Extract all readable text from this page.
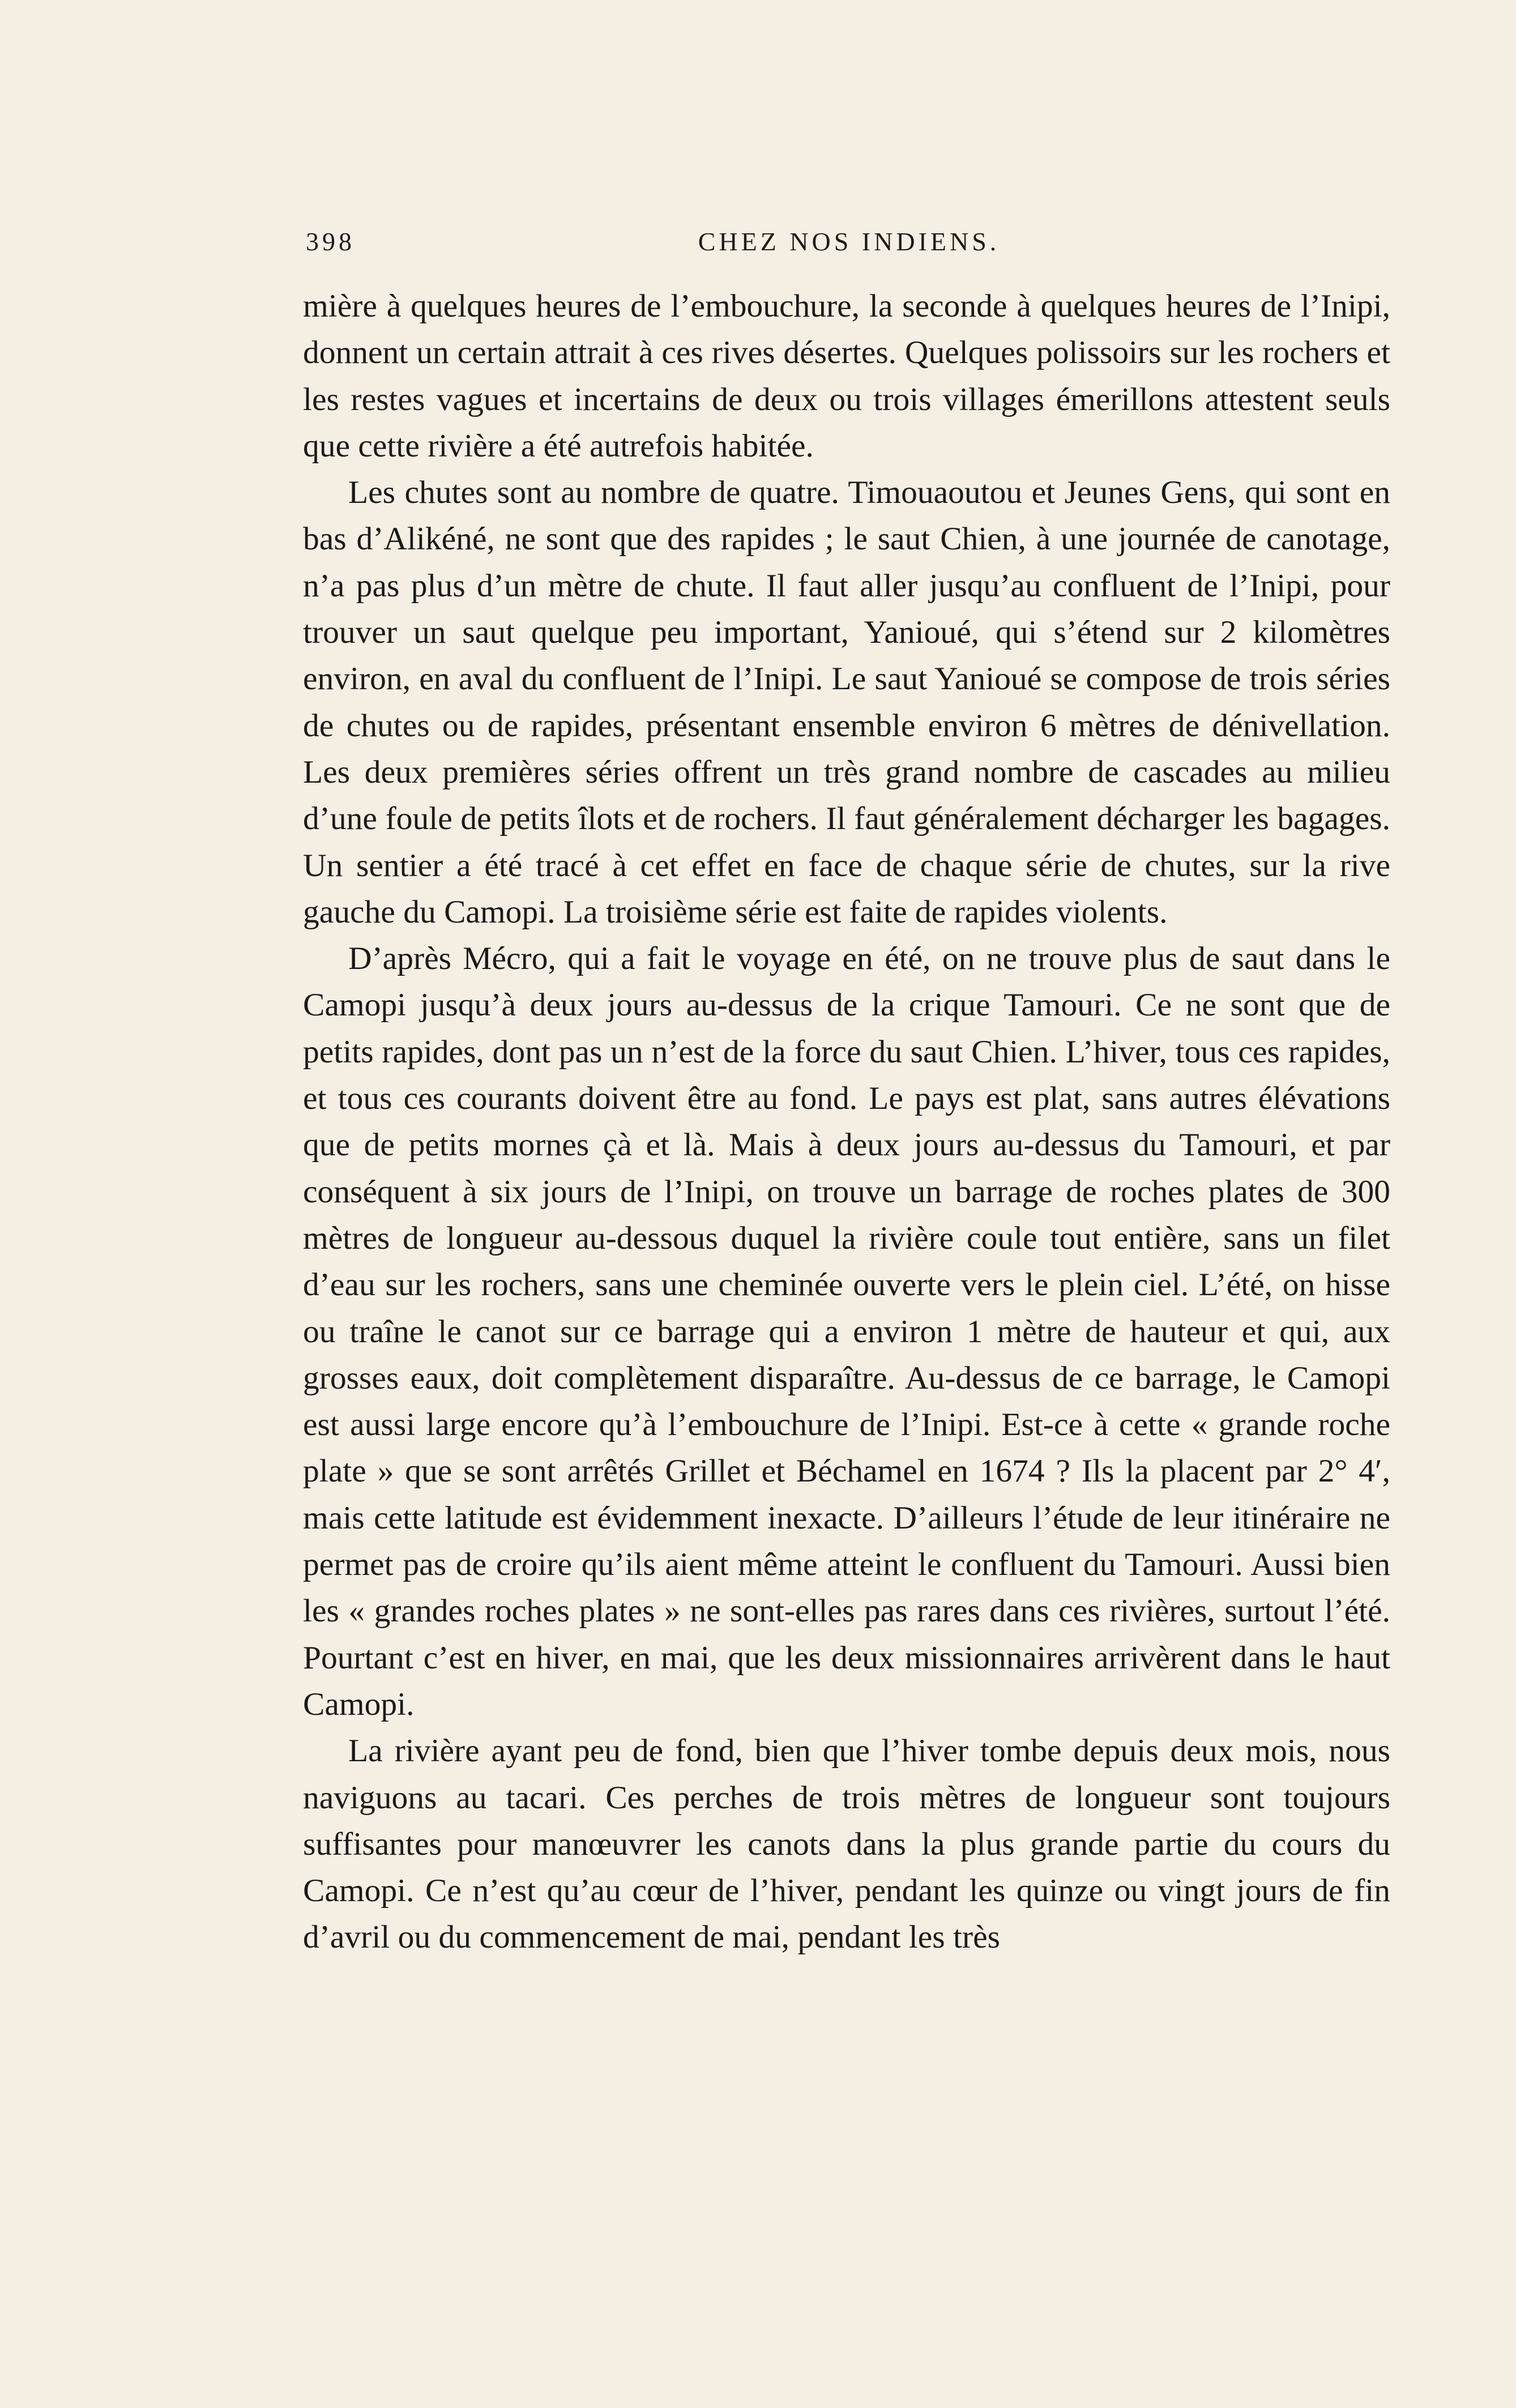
398	CHEZ NOS INDIENS.

mière à quelques heures de l’embouchure, la seconde à quelques heures de l’Inipi, donnent un certain attrait à ces rives désertes. Quelques polissoirs sur les rochers et les restes vagues et incertains de deux ou trois villages émerillons attestent seuls que cette rivière a été autrefois habitée.

Les chutes sont au nombre de quatre. Timouaoutou et Jeunes Gens, qui sont en bas d’Alikéné, ne sont que des rapides ; le saut Chien, à une journée de canotage, n’a pas plus d’un mètre de chute. Il faut aller jusqu’au confluent de l’Inipi, pour trouver un saut quelque peu important, Yanioué, qui s’étend sur 2 kilomètres environ, en aval du confluent de l’Inipi. Le saut Yanioué se compose de trois séries de chutes ou de rapides, présentant ensemble environ 6 mètres de dénivellation. Les deux premières séries offrent un très grand nombre de cascades au milieu d’une foule de petits îlots et de rochers. Il faut généralement décharger les bagages. Un sentier a été tracé à cet effet en face de chaque série de chutes, sur la rive gauche du Camopi. La troisième série est faite de rapides violents.

D’après Mécro, qui a fait le voyage en été, on ne trouve plus de saut dans le Camopi jusqu’à deux jours au-dessus de la crique Tamouri. Ce ne sont que de petits rapides, dont pas un n’est de la force du saut Chien. L’hiver, tous ces rapides, et tous ces courants doivent être au fond. Le pays est plat, sans autres élévations que de petits mornes çà et là. Mais à deux jours au-dessus du Tamouri, et par conséquent à six jours de l’Inipi, on trouve un barrage de roches plates de 300 mètres de longueur au-dessous duquel la rivière coule tout entière, sans un filet d’eau sur les rochers, sans une cheminée ouverte vers le plein ciel. L’été, on hisse ou traîne le canot sur ce barrage qui a environ 1 mètre de hauteur et qui, aux grosses eaux, doit complètement disparaître. Au-dessus de ce barrage, le Camopi est aussi large encore qu’à l’embouchure de l’Inipi. Est-ce à cette « grande roche plate » que se sont arrêtés Grillet et Béchamel en 1674 ? Ils la placent par 2° 4′, mais cette latitude est évidemment inexacte. D’ailleurs l’étude de leur itinéraire ne permet pas de croire qu’ils aient même atteint le confluent du Tamouri. Aussi bien les « grandes roches plates » ne sont-elles pas rares dans ces rivières, surtout l’été. Pourtant c’est en hiver, en mai, que les deux missionnaires arrivèrent dans le haut Camopi.

La rivière ayant peu de fond, bien que l’hiver tombe depuis deux mois, nous naviguons au tacari. Ces perches de trois mètres de longueur sont toujours suffisantes pour manœuvrer les canots dans la plus grande partie du cours du Camopi. Ce n’est qu’au cœur de l’hiver, pendant les quinze ou vingt jours de fin d’avril ou du commencement de mai, pendant les très
